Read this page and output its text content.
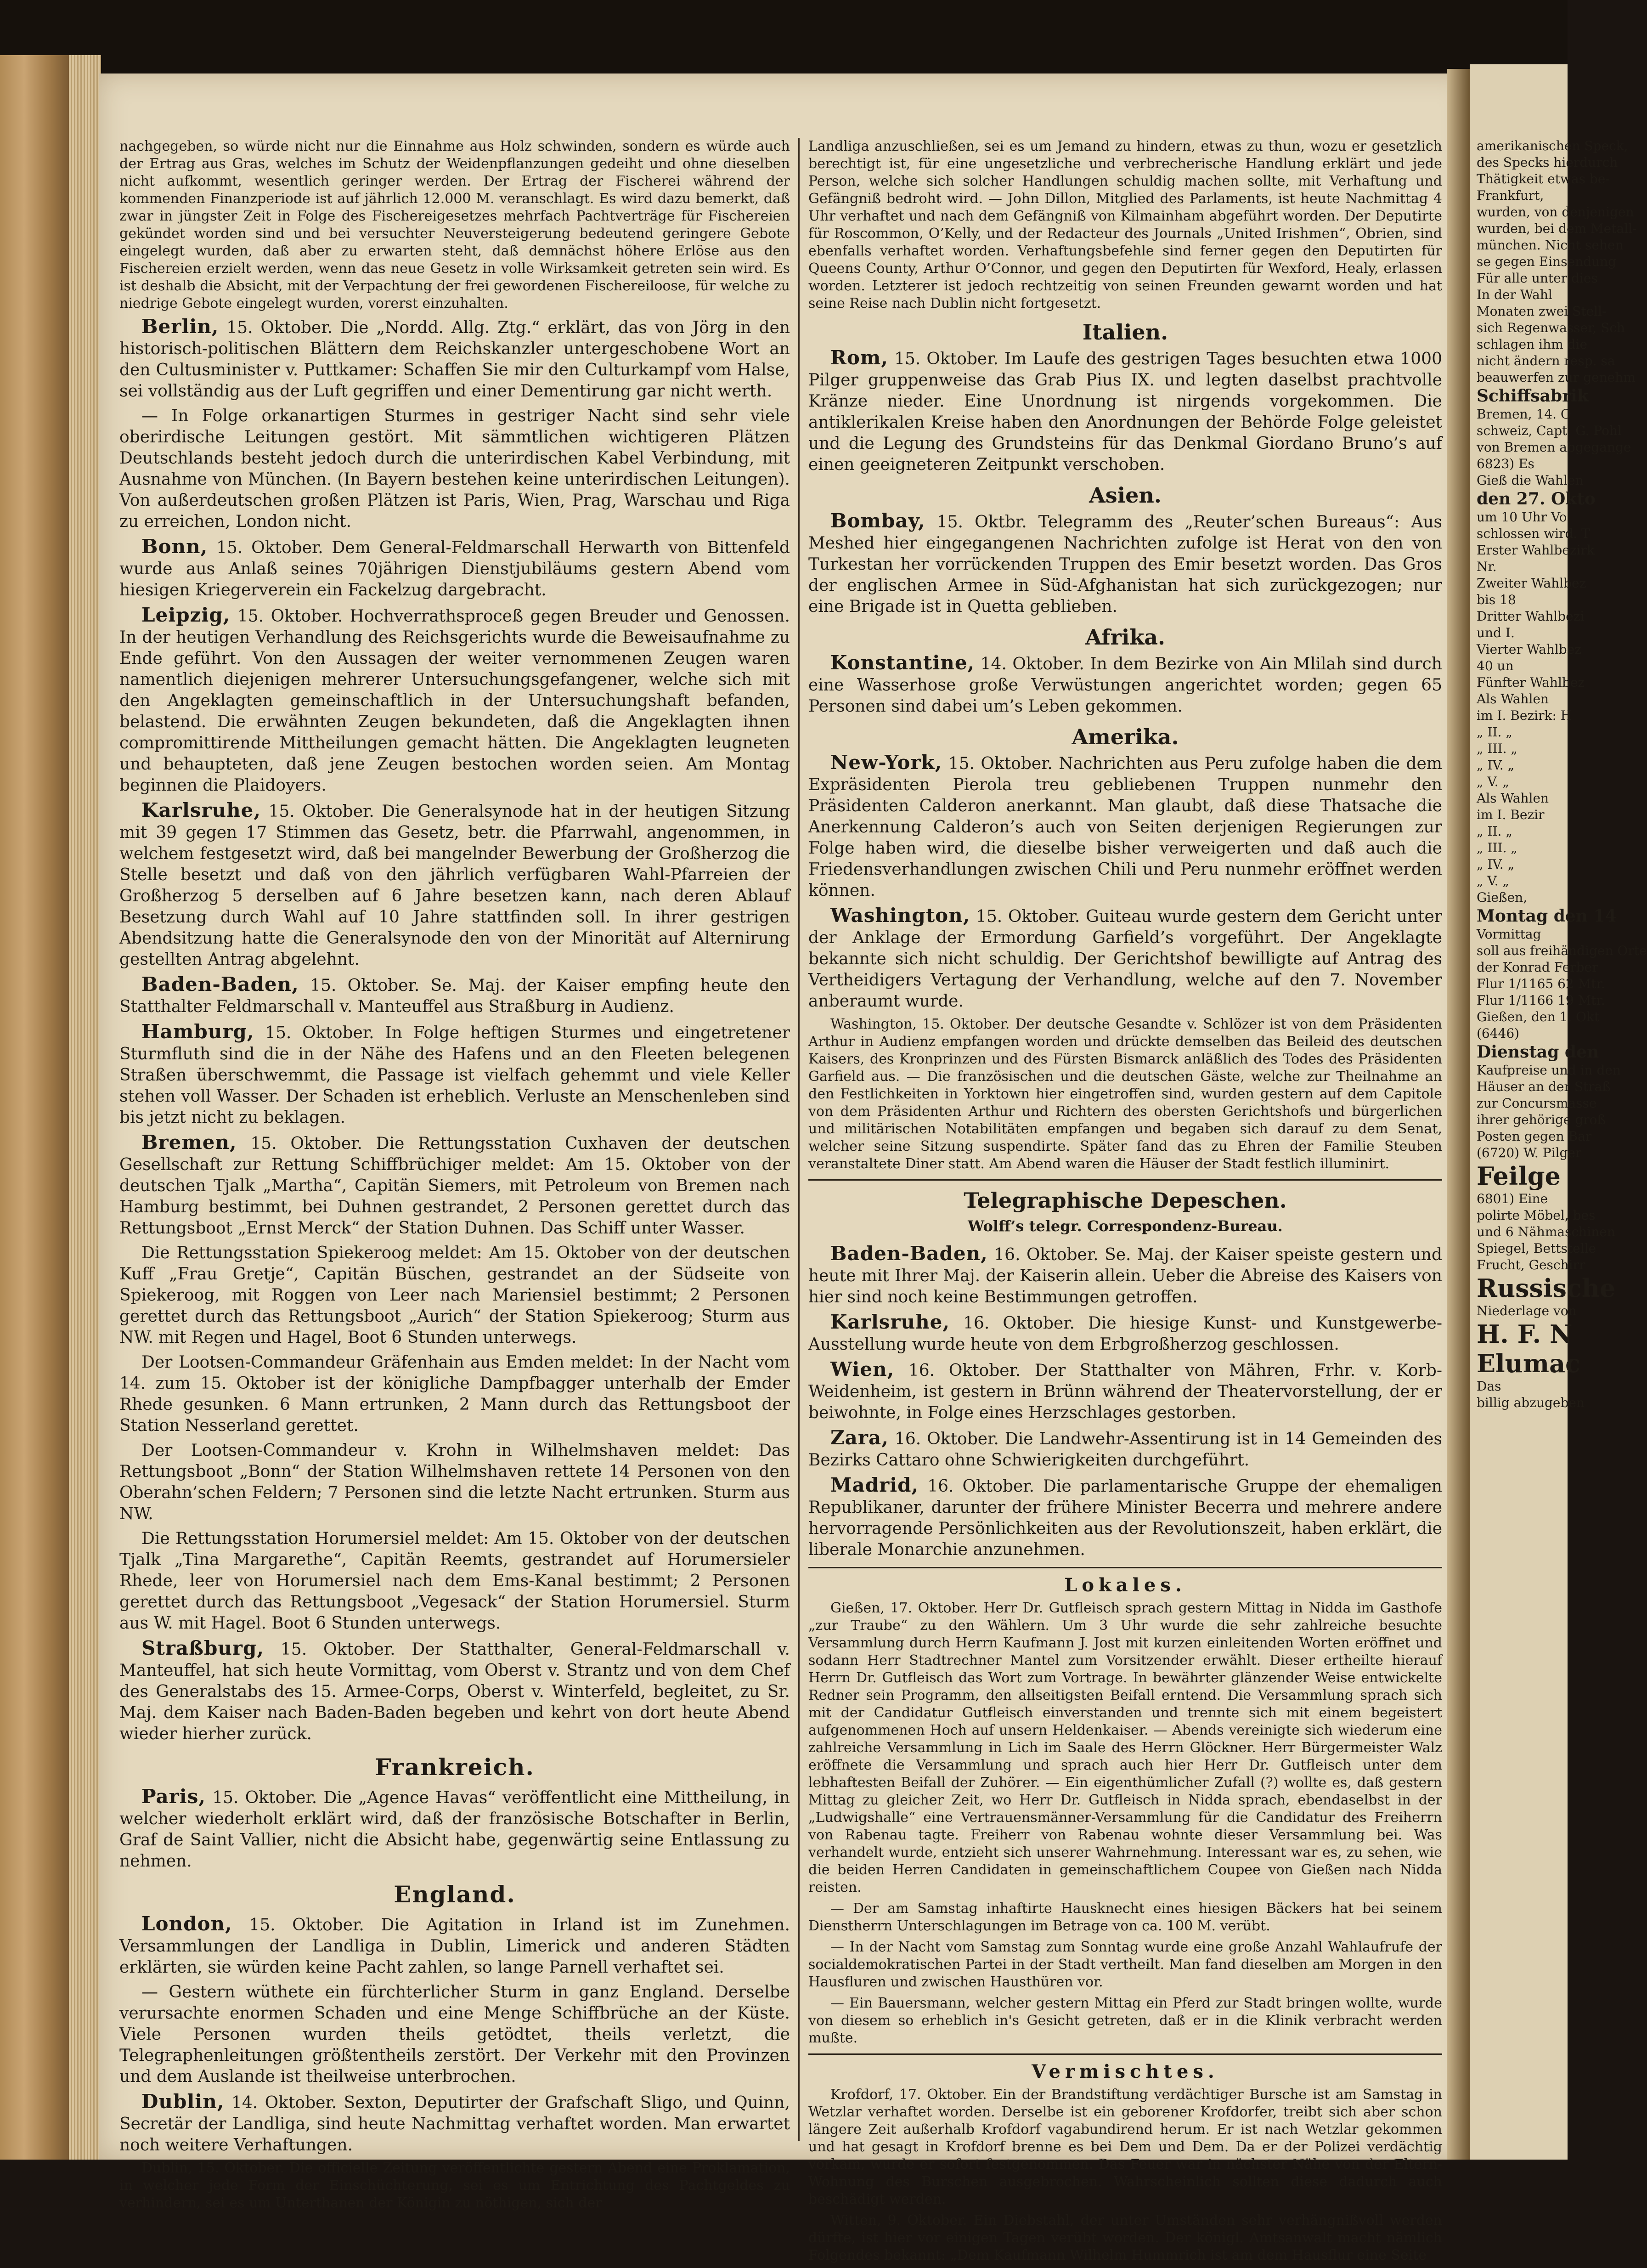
nachgegeben, so würde nicht nur die Einnahme aus Holz schwinden, sondern es würde auch der Ertrag aus Gras, welches im Schutz der Weidenpflanzungen gedeiht und ohne dieselben nicht aufkommt, wesentlich geringer werden. Der Ertrag der Fischerei während der kommenden Finanzperiode ist auf jährlich 12.000 M. veranschlagt. Es wird dazu bemerkt, daß zwar in jüngster Zeit in Folge des Fischereigesetzes mehrfach Pachtverträge für Fischereien gekündet worden sind und bei versuchter Neuversteigerung bedeutend geringere Gebote eingelegt wurden, daß aber zu erwarten steht, daß demnächst höhere Erlöse aus den Fischereien erzielt werden, wenn das neue Gesetz in volle Wirksamkeit getreten sein wird. Es ist deshalb die Absicht, mit der Verpachtung der frei gewordenen Fischereiloose, für welche zu niedrige Gebote eingelegt wurden, vorerst einzuhalten.

Berlin, 15. Oktober. Die „Nordd. Allg. Ztg.“ erklärt, das von Jörg in den historisch-politischen Blättern dem Reichskanzler untergeschobene Wort an den Cultusminister v. Puttkamer: Schaffen Sie mir den Culturkampf vom Halse, sei vollständig aus der Luft gegriffen und einer Dementirung gar nicht werth.

— In Folge orkanartigen Sturmes in gestriger Nacht sind sehr viele oberirdische Leitungen gestört. Mit sämmtlichen wichtigeren Plätzen Deutschlands besteht jedoch durch die unterirdischen Kabel Verbindung, mit Ausnahme von München. (In Bayern bestehen keine unterirdischen Leitungen). Von außerdeutschen großen Plätzen ist Paris, Wien, Prag, Warschau und Riga zu erreichen, London nicht.

Bonn, 15. Oktober. Dem General-Feldmarschall Herwarth von Bittenfeld wurde aus Anlaß seines 70jährigen Dienstjubiläums gestern Abend vom hiesigen Kriegerverein ein Fackelzug dargebracht.

Leipzig, 15. Oktober. Hochverrathsproceß gegen Breuder und Genossen. In der heutigen Verhandlung des Reichsgerichts wurde die Beweisaufnahme zu Ende geführt. Von den Aussagen der weiter vernommenen Zeugen waren namentlich diejenigen mehrerer Untersuchungsgefangener, welche sich mit den Angeklagten gemeinschaftlich in der Untersuchungshaft befanden, belastend. Die erwähnten Zeugen bekundeten, daß die Angeklagten ihnen compromittirende Mittheilungen gemacht hätten. Die Angeklagten leugneten und behaupteten, daß jene Zeugen bestochen worden seien. Am Montag beginnen die Plaidoyers.

Karlsruhe, 15. Oktober. Die Generalsynode hat in der heutigen Sitzung mit 39 gegen 17 Stimmen das Gesetz, betr. die Pfarrwahl, angenommen, in welchem festgesetzt wird, daß bei mangelnder Bewerbung der Großherzog die Stelle besetzt und daß von den jährlich verfügbaren Wahl-Pfarreien der Großherzog 5 derselben auf 6 Jahre besetzen kann, nach deren Ablauf Besetzung durch Wahl auf 10 Jahre stattfinden soll. In ihrer gestrigen Abendsitzung hatte die Generalsynode den von der Minorität auf Alternirung gestellten Antrag abgelehnt.

Baden-Baden, 15. Oktober. Se. Maj. der Kaiser empfing heute den Statthalter Feldmarschall v. Manteuffel aus Straßburg in Audienz.

Hamburg, 15. Oktober. In Folge heftigen Sturmes und eingetretener Sturmfluth sind die in der Nähe des Hafens und an den Fleeten belegenen Straßen überschwemmt, die Passage ist vielfach gehemmt und viele Keller stehen voll Wasser. Der Schaden ist erheblich. Verluste an Menschenleben sind bis jetzt nicht zu beklagen.

Bremen, 15. Oktober. Die Rettungsstation Cuxhaven der deutschen Gesellschaft zur Rettung Schiffbrüchiger meldet: Am 15. Oktober von der deutschen Tjalk „Martha“, Capitän Siemers, mit Petroleum von Bremen nach Hamburg bestimmt, bei Duhnen gestrandet, 2 Personen gerettet durch das Rettungsboot „Ernst Merck“ der Station Duhnen. Das Schiff unter Wasser.

Die Rettungsstation Spiekeroog meldet: Am 15. Oktober von der deutschen Kuff „Frau Gretje“, Capitän Büschen, gestrandet an der Südseite von Spiekeroog, mit Roggen von Leer nach Mariensiel bestimmt; 2 Personen gerettet durch das Rettungsboot „Aurich“ der Station Spiekeroog; Sturm aus NW. mit Regen und Hagel, Boot 6 Stunden unterwegs.

Der Lootsen-Commandeur Gräfenhain aus Emden meldet: In der Nacht vom 14. zum 15. Oktober ist der königliche Dampfbagger unterhalb der Emder Rhede gesunken. 6 Mann ertrunken, 2 Mann durch das Rettungsboot der Station Nesserland gerettet.

Der Lootsen-Commandeur v. Krohn in Wilhelmshaven meldet: Das Rettungsboot „Bonn“ der Station Wilhelmshaven rettete 14 Personen von den Oberahn’schen Feldern; 7 Personen sind die letzte Nacht ertrunken. Sturm aus NW.

Die Rettungsstation Horumersiel meldet: Am 15. Oktober von der deutschen Tjalk „Tina Margarethe“, Capitän Reemts, gestrandet auf Horumersieler Rhede, leer von Horumersiel nach dem Ems-Kanal bestimmt; 2 Personen gerettet durch das Rettungsboot „Vegesack“ der Station Horumersiel. Sturm aus W. mit Hagel. Boot 6 Stunden unterwegs.

Straßburg, 15. Oktober. Der Statthalter, General-Feldmarschall v. Manteuffel, hat sich heute Vormittag, vom Oberst v. Strantz und von dem Chef des Generalstabs des 15. Armee-Corps, Oberst v. Winterfeld, begleitet, zu Sr. Maj. dem Kaiser nach Baden-Baden begeben und kehrt von dort heute Abend wieder hierher zurück.

Frankreich.

Paris, 15. Oktober. Die „Agence Havas“ veröffentlicht eine Mittheilung, in welcher wiederholt erklärt wird, daß der französische Botschafter in Berlin, Graf de Saint Vallier, nicht die Absicht habe, gegenwärtig seine Entlassung zu nehmen.

England.

London, 15. Oktober. Die Agitation in Irland ist im Zunehmen. Versammlungen der Landliga in Dublin, Limerick und anderen Städten erklärten, sie würden keine Pacht zahlen, so lange Parnell verhaftet sei.

— Gestern wüthete ein fürchterlicher Sturm in ganz England. Derselbe verursachte enormen Schaden und eine Menge Schiffbrüche an der Küste. Viele Personen wurden theils getödtet, theils verletzt, die Telegraphenleitungen größtentheils zerstört. Der Verkehr mit den Provinzen und dem Auslande ist theilweise unterbrochen.

Dublin, 14. Oktober. Sexton, Deputirter der Grafschaft Sligo, und Quinn, Secretär der Landliga, sind heute Nachmittag verhaftet worden. Man erwartet noch weitere Verhaftungen.

Dublin, 15. Oktober. Die officielle Zeitung veröffentlichte gestern Abend eine Proklamation, in welcher jede Form der Einschüchterung, sei es um Entrichtung des Pachtgeldes zu verhindern, sei es um Unterthanen der Königin zu nöthigen, sich der

Landliga anzuschließen, sei es um Jemand zu hindern, etwas zu thun, wozu er gesetzlich berechtigt ist, für eine ungesetzliche und verbrecherische Handlung erklärt und jede Person, welche sich solcher Handlungen schuldig machen sollte, mit Verhaftung und Gefängniß bedroht wird. — John Dillon, Mitglied des Parlaments, ist heute Nachmittag 4 Uhr verhaftet und nach dem Gefängniß von Kilmainham abgeführt worden. Der Deputirte für Roscommon, O’Kelly, und der Redacteur des Journals „United Irishmen“, Obrien, sind ebenfalls verhaftet worden. Verhaftungsbefehle sind ferner gegen den Deputirten für Queens County, Arthur O’Connor, und gegen den Deputirten für Wexford, Healy, erlassen worden. Letzterer ist jedoch rechtzeitig von seinen Freunden gewarnt worden und hat seine Reise nach Dublin nicht fortgesetzt.

Italien.

Rom, 15. Oktober. Im Laufe des gestrigen Tages besuchten etwa 1000 Pilger gruppenweise das Grab Pius IX. und legten daselbst prachtvolle Kränze nieder. Eine Unordnung ist nirgends vorgekommen. Die antiklerikalen Kreise haben den Anordnungen der Behörde Folge geleistet und die Legung des Grundsteins für das Denkmal Giordano Bruno’s auf einen geeigneteren Zeitpunkt verschoben.

Asien.

Bombay, 15. Oktbr. Telegramm des „Reuter’schen Bureaus“: Aus Meshed hier eingegangenen Nachrichten zufolge ist Herat von den von Turkestan her vorrückenden Truppen des Emir besetzt worden. Das Gros der englischen Armee in Süd-Afghanistan hat sich zurückgezogen; nur eine Brigade ist in Quetta geblieben.

Afrika.

Konstantine, 14. Oktober. In dem Bezirke von Ain Mlilah sind durch eine Wasserhose große Verwüstungen angerichtet worden; gegen 65 Personen sind dabei um’s Leben gekommen.

Amerika.

New-York, 15. Oktober. Nachrichten aus Peru zufolge haben die dem Expräsidenten Pierola treu gebliebenen Truppen nunmehr den Präsidenten Calderon anerkannt. Man glaubt, daß diese Thatsache die Anerkennung Calderon’s auch von Seiten derjenigen Regierungen zur Folge haben wird, die dieselbe bisher verweigerten und daß auch die Friedensverhandlungen zwischen Chili und Peru nunmehr eröffnet werden können.

Washington, 15. Oktober. Guiteau wurde gestern dem Gericht unter der Anklage der Ermordung Garfield’s vorgeführt. Der Angeklagte bekannte sich nicht schuldig. Der Gerichtshof bewilligte auf Antrag des Vertheidigers Vertagung der Verhandlung, welche auf den 7. November anberaumt wurde.

Washington, 15. Oktober. Der deutsche Gesandte v. Schlözer ist von dem Präsidenten Arthur in Audienz empfangen worden und drückte demselben das Beileid des deutschen Kaisers, des Kronprinzen und des Fürsten Bismarck anläßlich des Todes des Präsidenten Garfield aus. — Die französischen und die deutschen Gäste, welche zur Theilnahme an den Festlichkeiten in Yorktown hier eingetroffen sind, wurden gestern auf dem Capitole von dem Präsidenten Arthur und Richtern des obersten Gerichtshofs und bürgerlichen und militärischen Notabilitäten empfangen und begaben sich darauf zu dem Senat, welcher seine Sitzung suspendirte. Später fand das zu Ehren der Familie Steuben veranstaltete Diner statt. Am Abend waren die Häuser der Stadt festlich illuminirt.

Telegraphische Depeschen.
Wolff’s telegr. Correspondenz-Bureau.

Baden-Baden, 16. Oktober. Se. Maj. der Kaiser speiste gestern und heute mit Ihrer Maj. der Kaiserin allein. Ueber die Abreise des Kaisers von hier sind noch keine Bestimmungen getroffen.

Karlsruhe, 16. Oktober. Die hiesige Kunst- und Kunstgewerbe-Ausstellung wurde heute von dem Erbgroßherzog geschlossen.

Wien, 16. Oktober. Der Statthalter von Mähren, Frhr. v. Korb-Weidenheim, ist gestern in Brünn während der Theatervorstellung, der er beiwohnte, in Folge eines Herzschlages gestorben.

Zara, 16. Oktober. Die Landwehr-Assentirung ist in 14 Gemeinden des Bezirks Cattaro ohne Schwierigkeiten durchgeführt.

Madrid, 16. Oktober. Die parlamentarische Gruppe der ehemaligen Republikaner, darunter der frühere Minister Becerra und mehrere andere hervorragende Persönlichkeiten aus der Revolutionszeit, haben erklärt, die liberale Monarchie anzunehmen.

Lokales.

Gießen, 17. Oktober. Herr Dr. Gutfleisch sprach gestern Mittag in Nidda im Gasthofe „zur Traube“ zu den Wählern. Um 3 Uhr wurde die sehr zahlreiche besuchte Versammlung durch Herrn Kaufmann J. Jost mit kurzen einleitenden Worten eröffnet und sodann Herr Stadtrechner Mantel zum Vorsitzender erwählt. Dieser ertheilte hierauf Herrn Dr. Gutfleisch das Wort zum Vortrage. In bewährter glänzender Weise entwickelte Redner sein Programm, den allseitigsten Beifall erntend. Die Versammlung sprach sich mit der Candidatur Gutfleisch einverstanden und trennte sich mit einem begeistert aufgenommenen Hoch auf unsern Heldenkaiser. — Abends vereinigte sich wiederum eine zahlreiche Versammlung in Lich im Saale des Herrn Glöckner. Herr Bürgermeister Walz eröffnete die Versammlung und sprach auch hier Herr Dr. Gutfleisch unter dem lebhaftesten Beifall der Zuhörer. — Ein eigenthümlicher Zufall (?) wollte es, daß gestern Mittag zu gleicher Zeit, wo Herr Dr. Gutfleisch in Nidda sprach, ebendaselbst in der „Ludwigshalle“ eine Vertrauensmänner-Versammlung für die Candidatur des Freiherrn von Rabenau tagte. Freiherr von Rabenau wohnte dieser Versammlung bei. Was verhandelt wurde, entzieht sich unserer Wahrnehmung. Interessant war es, zu sehen, wie die beiden Herren Candidaten in gemeinschaftlichem Coupee von Gießen nach Nidda reisten.

— Der am Samstag inhaftirte Hausknecht eines hiesigen Bäckers hat bei seinem Dienstherrn Unterschlagungen im Betrage von ca. 100 M. verübt.

— In der Nacht vom Samstag zum Sonntag wurde eine große Anzahl Wahlaufrufe der socialdemokratischen Partei in der Stadt vertheilt. Man fand dieselben am Morgen in den Hausfluren und zwischen Hausthüren vor.

— Ein Bauersmann, welcher gestern Mittag ein Pferd zur Stadt bringen wollte, wurde von diesem so erheblich in's Gesicht getreten, daß er in die Klinik verbracht werden mußte.

Vermischtes.

Krofdorf, 17. Oktober. Ein der Brandstiftung verdächtiger Bursche ist am Samstag in Wetzlar verhaftet worden. Derselbe ist ein geborener Krofdorfer, treibt sich aber schon längere Zeit außerhalb Krofdorf vagabundirend herum. Er ist nach Wetzlar gekommen und hat gesagt in Krofdorf brenne es bei Dem und Dem. Da er der Polizei verdächtig vorkam, wurde er sofort festgenommen. Das Feuer war in nächster Nähe von der Eltern-Wohnung des Burschen ausgebrochen. Wahrscheinlich sollten diese dadurch auch beschädigt werden.

Witten, 9. Oktober. Ein Diebstahl, der unter Umständen sehr verhängnißvoll werden dürfte, ist hier vor einigen Tagen verübt worden. Der königl. Amtsanwalt macht nämlich Folgendes bekannt: „Dem Kaufmann Wilhelm Hummrich ist am dem Hausflur eine Seite

amerikanischen Speck,
des Specks hierdurch
Thätigkeit etwas be-
Frankfurt,
wurden, von denjenigen
wurden, bei dem Metall-
münchen. Nicht sehen
se gegen Einsendung
Für alle unter dies
In der Wahl
Monaten zwei Stell-
sich Regenwasser, Sch
schlagen ihm die
nicht ändern resp. sa
beauwerfen zur genehm
Schiffsabrik
Bremen, 14. O
schweiz, Capt. G. Pohl
von Bremen abgegange
6823) Es
Gieß die Wahlen
den 27. Okto
um 10 Uhr Vo
schlossen wird. T
Erster Wahlbezirk
Nr.
Zweiter Wahlbez
bis 18
Dritter Wahlbezi
und I.
Vierter Wahlbez
40 un
Fünfter Wahlbez
Als Wahlen
im I. Bezirk: H
„ II. „
„ III. „
„ IV. „
„ V. „
Als Wahlen
im I. Bezir
„ II. „
„ III. „
„ IV. „
„ V. „
Gießen,
Montag den 14
Vormittag
soll aus freihändigen Orte
der Konrad Ferber
Flur 1/1165 62 Mtr.
Flur 1/1166 19 Mtr.
Gießen, den 1. Okt
(6446)
Dienstag den
Kaufpreise und in den
Häuser an der Straß
zur Concursmasse
ihrer gehörige groß
Posten gegen Bar
(6720) W. Pilger
Feilge
6801) Eine
polirte Möbel, bes
und 6 Nähmaschinen
Spiegel, Bettstelle
Frucht, Geschirr
Russische
Niederlage von
H. F. N
Elumac
Das
billig abzugeben
